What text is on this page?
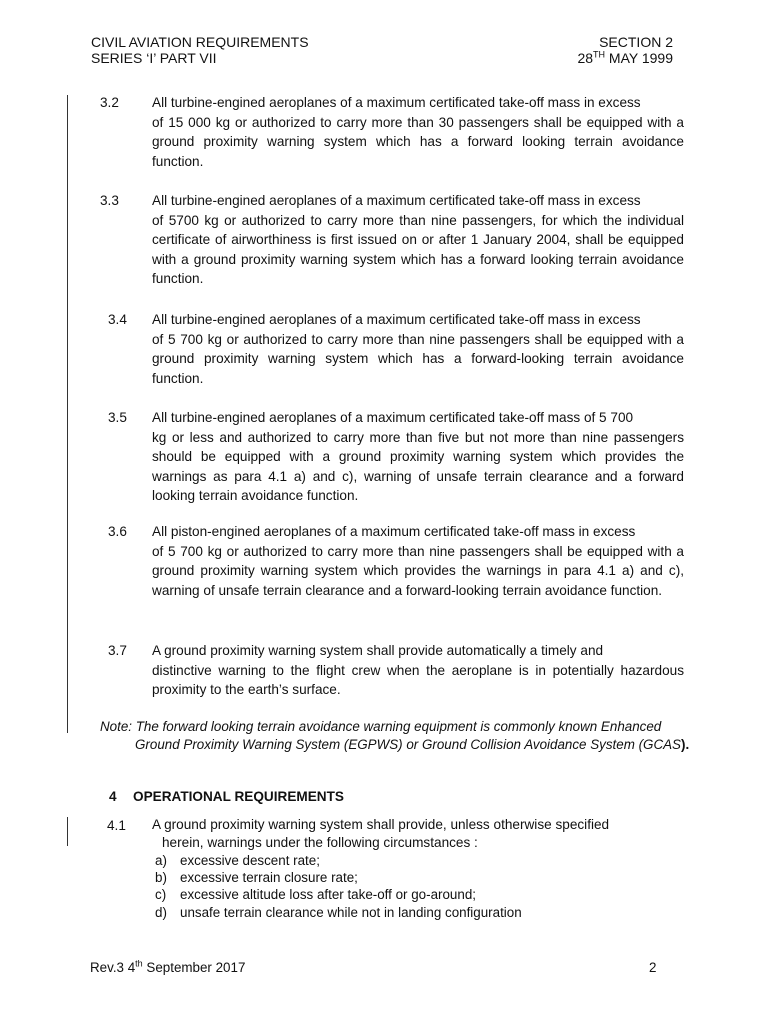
CIVIL AVIATION REQUIREMENTS
SERIES ‘I’ PART VII
SECTION 2
28TH MAY 1999
3.2 All turbine-engined aeroplanes of a maximum certificated take-off mass in excess
of 15 000 kg or authorized to carry more than 30 passengers shall be equipped with a ground proximity warning system which has a forward looking terrain avoidance function.
3.3 All turbine-engined aeroplanes of a maximum certificated take-off mass in excess
of 5700 kg or authorized to carry more than nine passengers, for which the individual certificate of airworthiness is first issued on or after 1 January 2004, shall be equipped with a ground proximity warning system which has a forward looking terrain avoidance function.
3.4 All turbine-engined aeroplanes of a maximum certificated take-off mass in excess
of 5 700 kg or authorized to carry more than nine passengers shall be equipped with a ground proximity warning system which has a forward-looking terrain avoidance function.
3.5 All turbine-engined aeroplanes of a maximum certificated take-off mass of 5 700
kg or less and authorized to carry more than five but not more than nine passengers should be equipped with a ground proximity warning system which provides the warnings as para 4.1 a) and c), warning of unsafe terrain clearance and a forward looking terrain avoidance function.
3.6 All piston-engined aeroplanes of a maximum certificated take-off mass in excess
of 5 700 kg or authorized to carry more than nine passengers shall be equipped with a ground proximity warning system which provides the warnings in para 4.1 a) and c), warning of unsafe terrain clearance and a forward-looking terrain avoidance function.
3.7 A ground proximity warning system shall provide automatically a timely and
distinctive warning to the flight crew when the aeroplane is in potentially hazardous proximity to the earth’s surface.
Note: The forward looking terrain avoidance warning equipment is commonly known Enhanced
Ground Proximity Warning System (EGPWS) or Ground Collision Avoidance System (GCAS).
4 OPERATIONAL REQUIREMENTS
4.1 A ground proximity warning system shall provide, unless otherwise specified
herein, warnings under the following circumstances :
a) excessive descent rate;
b) excessive terrain closure rate;
c)	excessive altitude loss after take-off or go-around;
d) unsafe terrain clearance while not in landing configuration
Rev.3 4th September 2017	2
